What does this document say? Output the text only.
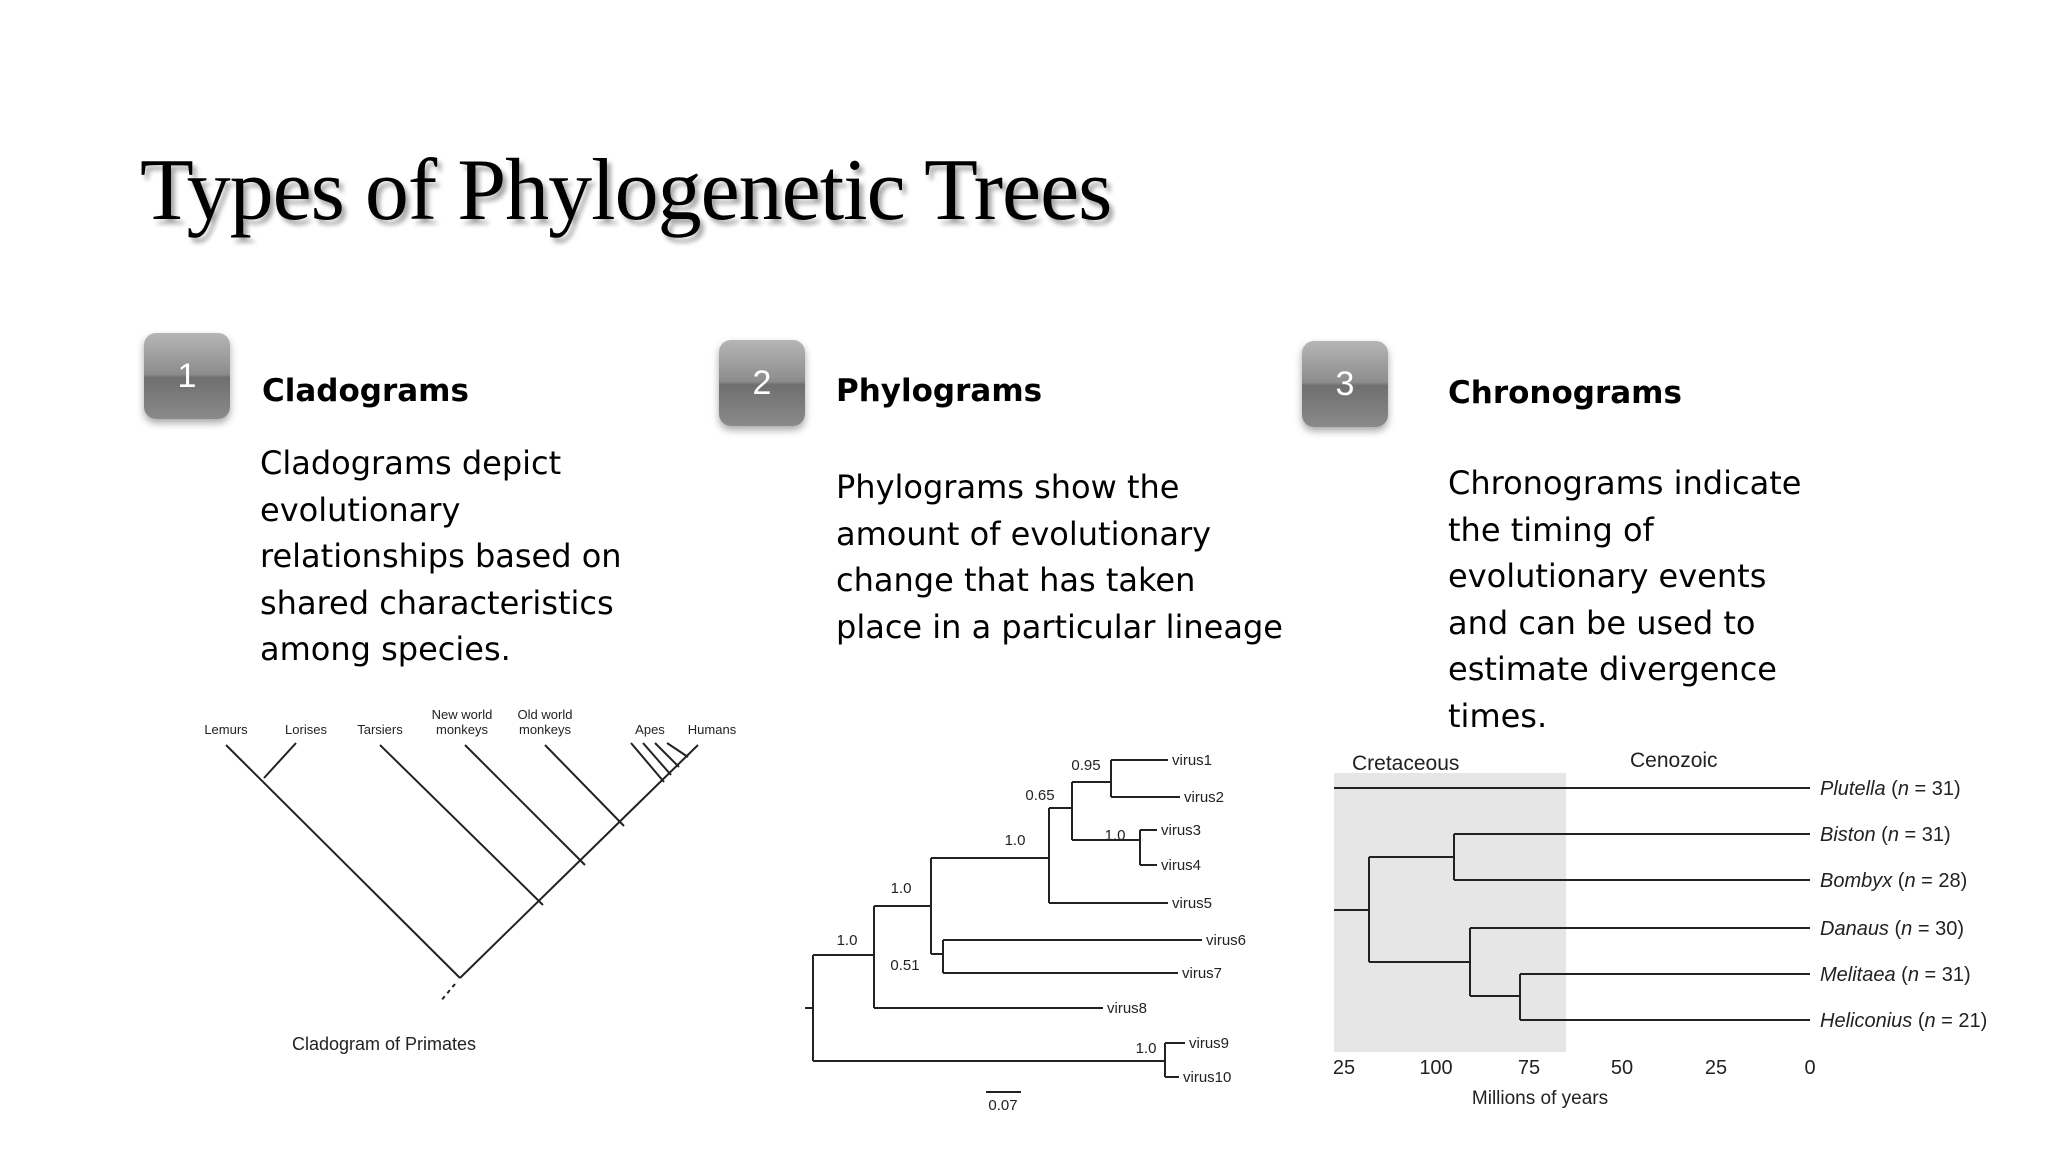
Types of Phylogenetic Trees
1 Cladograms

Cladograms depict evolutionary relationships based on shared characteristics among species.

2 Phylograms

Phylograms show the amount of evolutionary change that has taken place in a particular lineage

3	Chronograms

Chronograms indicate the timing of evolutionary events and can be used to estimate divergence times.

Lemurs	Lorises Tarsiers
New world monkeys
Old world monkeys	Apes Humans
Cladogram of Primates
virus1
virus2
virus3
virus4
virus5
virus6
virus7
virus8
virus9
virus10
0.95
0.65
1.0	1.0
1.0
1.0
0.51
1.0
0.07
Cretaceous	Cenozoic
Plutella (n = 31)
Biston (n = 31)
Bombyx (n = 28)
Danaus (n = 30)
Melitaea (n = 31)
Heliconius (n = 21)
25	100	75	50	25	0
Millions of years
